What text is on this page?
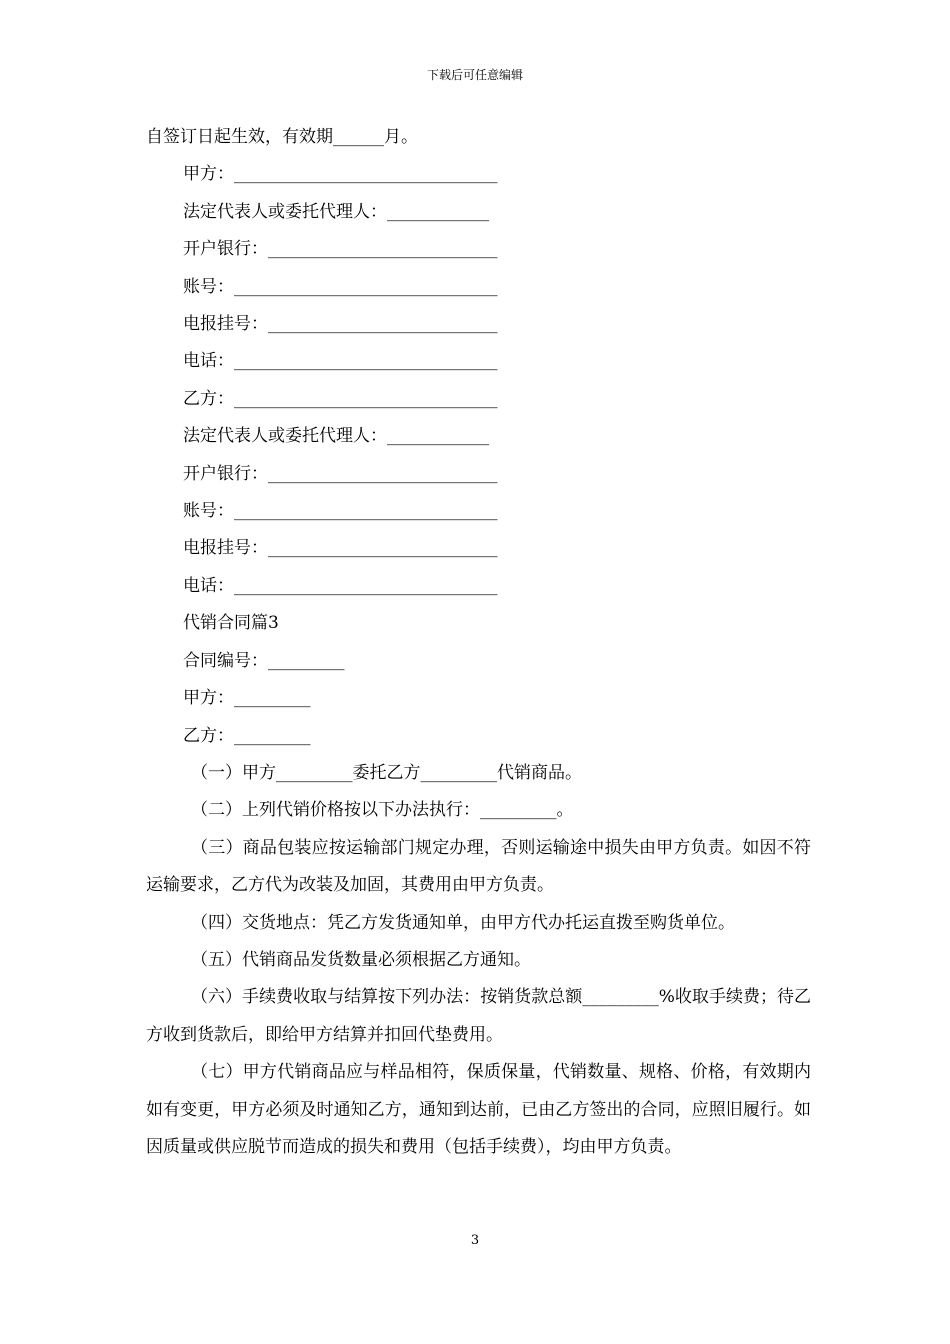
下载后可任意编辑
自签订日起生效，有效期______月。
甲方：_______________________________
法定代表人或委托代理人：____________
开户银行：___________________________
账号：_______________________________
电报挂号：___________________________
电话：_______________________________
乙方：_______________________________
法定代表人或委托代理人：____________
开户银行：___________________________
账号：_______________________________
电报挂号：___________________________
电话：_______________________________
代销合同篇3
合同编号：_________
甲方：_________
乙方：_________
（一）甲方_________委托乙方_________代销商品。
（二）上列代销价格按以下办法执行：_________。
（三）商品包装应按运输部门规定办理，否则运输途中损失由甲方负责。如因不符运输要求，乙方代为改装及加固，其费用由甲方负责。
（四）交货地点：凭乙方发货通知单，由甲方代办托运直拨至购货单位。
（五）代销商品发货数量必须根据乙方通知。
（六）手续费收取与结算按下列办法：按销货款总额_________%收取手续费；待乙方收到货款后，即给甲方结算并扣回代垫费用。
（七）甲方代销商品应与样品相符，保质保量，代销数量、规格、价格，有效期内如有变更，甲方必须及时通知乙方，通知到达前，已由乙方签出的合同，应照旧履行。如因质量或供应脱节而造成的损失和费用（包括手续费），均由甲方负责。
3
